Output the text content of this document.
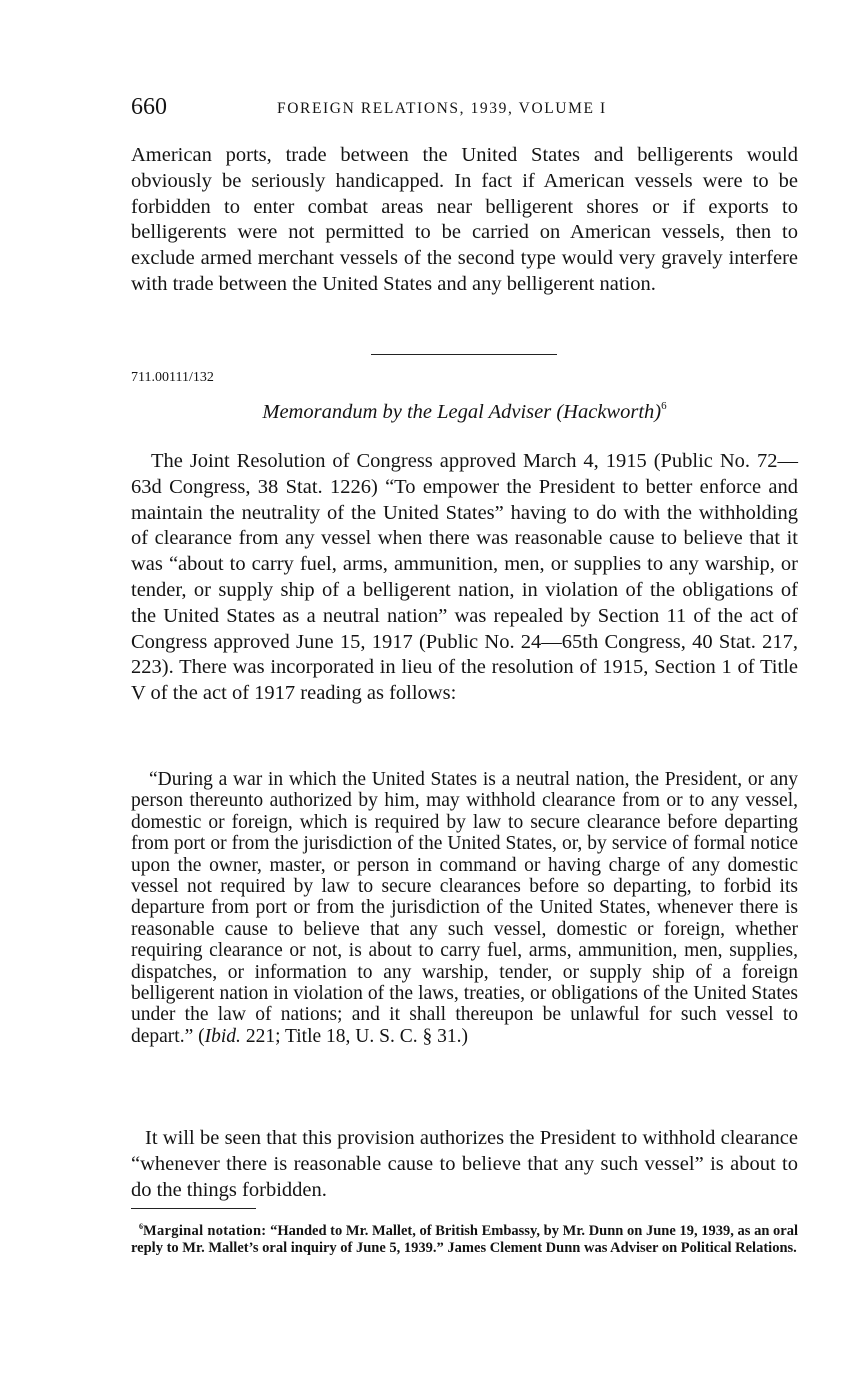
660	FOREIGN RELATIONS, 1939, VOLUME I

American ports, trade between the United States and belligerents would obviously be seriously handicapped. In fact if American vessels were to be forbidden to enter combat areas near belligerent shores or if exports to belligerents were not permitted to be carried on American vessels, then to exclude armed merchant vessels of the second type would very gravely interfere with trade between the United States and any belligerent nation.

711.00111/132
Memorandum by the Legal Adviser (Hackworth)$^6$

The Joint Resolution of Congress approved March 4, 1915 (Public No. 72—63d Congress, 38 Stat. 1226) “To empower the President to better enforce and maintain the neutrality of the United States” having to do with the withholding of clearance from any vessel when there was reasonable cause to believe that it was “about to carry fuel, arms, ammunition, men, or supplies to any warship, or tender, or supply ship of a belligerent nation, in violation of the obligations of the United States as a neutral nation” was repealed by Section 11 of the act of Congress approved June 15, 1917 (Public No. 24—65th Congress, 40 Stat. 217, 223). There was incorporated in lieu of the resolution of 1915, Section 1 of Title V of the act of 1917 reading as follows:

“During a war in which the United States is a neutral nation, the President, or any person thereunto authorized by him, may withhold clearance from or to any vessel, domestic or foreign, which is required by law to secure clearance before departing from port or from the jurisdiction of the United States, or, by service of formal notice upon the owner, master, or person in command or having charge of any domestic vessel not required by law to secure clearances before so departing, to forbid its departure from port or from the jurisdiction of the United States, whenever there is reasonable cause to believe that any such vessel, domestic or foreign, whether requiring clearance or not, is about to carry fuel, arms, ammunition, men, supplies, dispatches, or information to any warship, tender, or supply ship of a foreign belligerent nation in violation of the laws, treaties, or obligations of the United States under the law of nations; and it shall thereupon be unlawful for such vessel to depart.” (Ibid. 221; Title 18, U. S. C. § 31.)

It will be seen that this provision authorizes the President to withhold clearance “whenever there is reasonable cause to believe that any such vessel” is about to do the things forbidden.

$^6$Marginal notation: “Handed to Mr. Mallet, of British Embassy, by Mr. Dunn on June 19, 1939, as an oral reply to Mr. Mallet’s oral inquiry of June 5, 1939.” James Clement Dunn was Adviser on Political Relations.
